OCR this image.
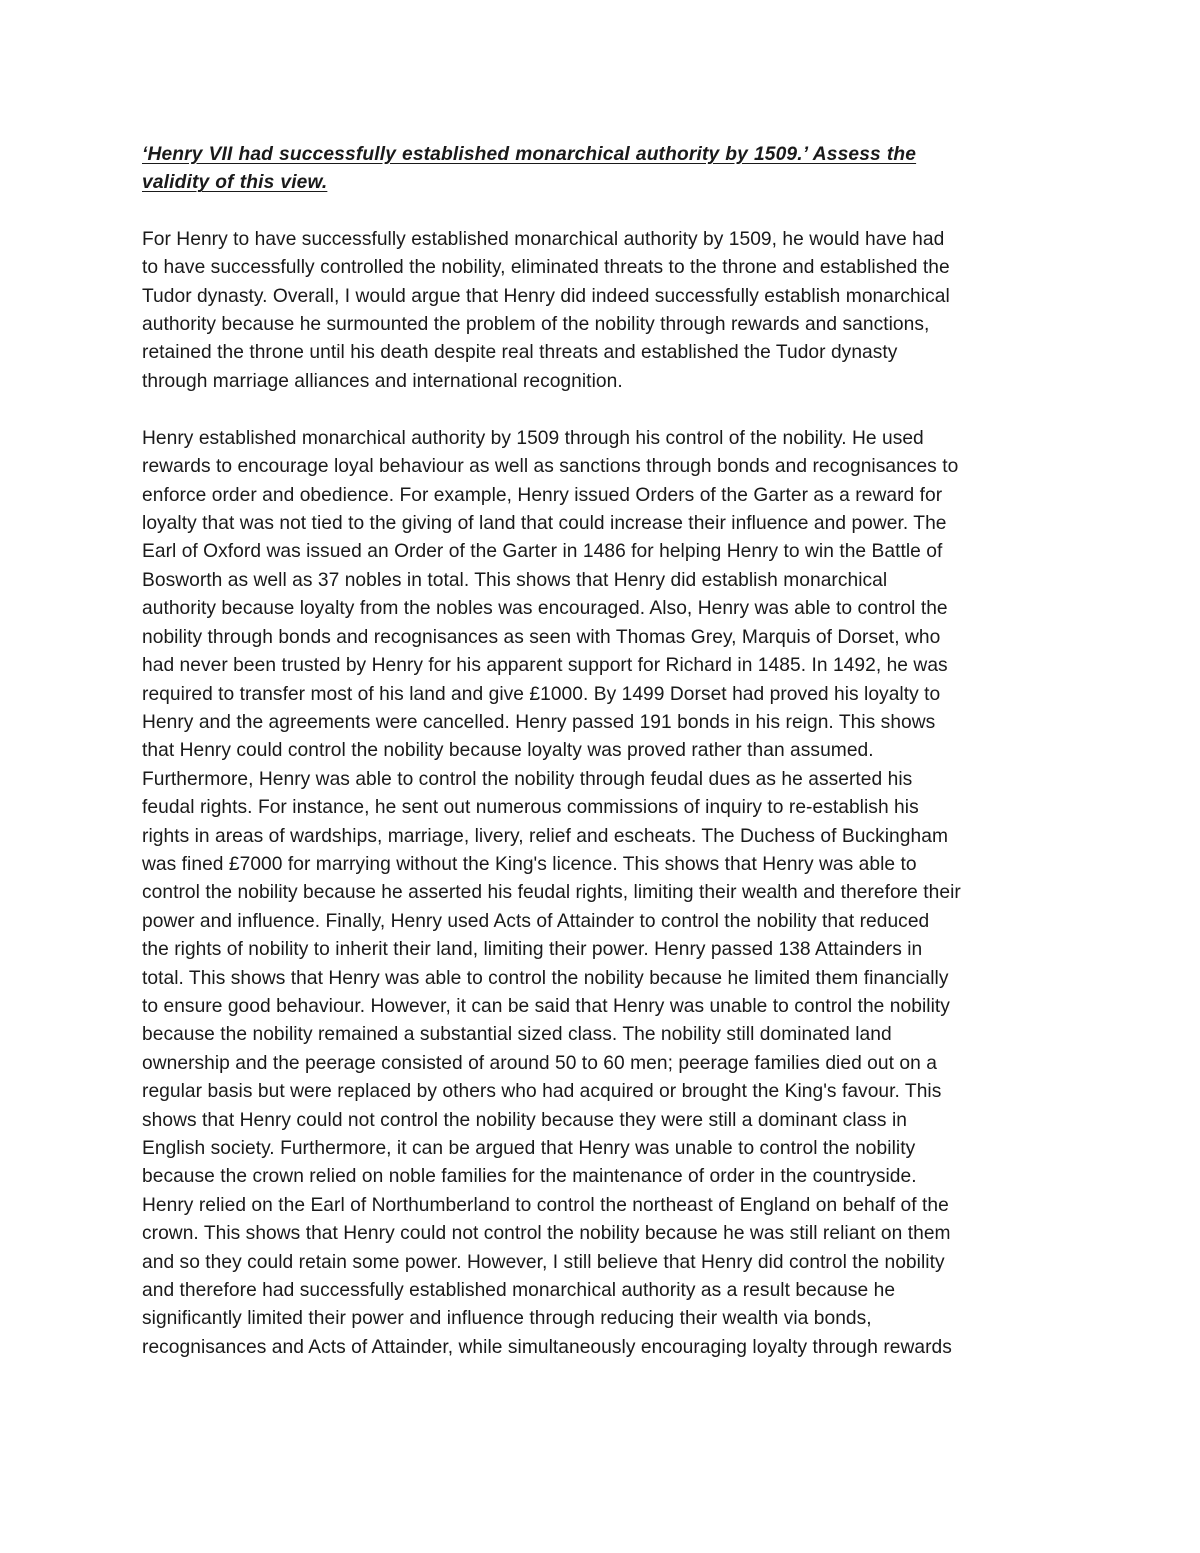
‘Henry VII had successfully established monarchical authority by 1509.’ Assess the
validity of this view.

For Henry to have successfully established monarchical authority by 1509, he would have had
to have successfully controlled the nobility, eliminated threats to the throne and established the
Tudor dynasty. Overall, I would argue that Henry did indeed successfully establish monarchical
authority because he surmounted the problem of the nobility through rewards and sanctions,
retained the throne until his death despite real threats and established the Tudor dynasty
through marriage alliances and international recognition.

Henry established monarchical authority by 1509 through his control of the nobility. He used
rewards to encourage loyal behaviour as well as sanctions through bonds and recognisances to
enforce order and obedience. For example, Henry issued Orders of the Garter as a reward for
loyalty that was not tied to the giving of land that could increase their influence and power. The
Earl of Oxford was issued an Order of the Garter in 1486 for helping Henry to win the Battle of
Bosworth as well as 37 nobles in total. This shows that Henry did establish monarchical
authority because loyalty from the nobles was encouraged. Also, Henry was able to control the
nobility through bonds and recognisances as seen with Thomas Grey, Marquis of Dorset, who
had never been trusted by Henry for his apparent support for Richard in 1485. In 1492, he was
required to transfer most of his land and give £1000. By 1499 Dorset had proved his loyalty to
Henry and the agreements were cancelled. Henry passed 191 bonds in his reign. This shows
that Henry could control the nobility because loyalty was proved rather than assumed.
Furthermore, Henry was able to control the nobility through feudal dues as he asserted his
feudal rights. For instance, he sent out numerous commissions of inquiry to re-establish his
rights in areas of wardships, marriage, livery, relief and escheats. The Duchess of Buckingham
was fined £7000 for marrying without the King's licence. This shows that Henry was able to
control the nobility because he asserted his feudal rights, limiting their wealth and therefore their
power and influence. Finally, Henry used Acts of Attainder to control the nobility that reduced
the rights of nobility to inherit their land, limiting their power. Henry passed 138 Attainders in
total. This shows that Henry was able to control the nobility because he limited them financially
to ensure good behaviour. However, it can be said that Henry was unable to control the nobility
because the nobility remained a substantial sized class. The nobility still dominated land
ownership and the peerage consisted of around 50 to 60 men; peerage families died out on a
regular basis but were replaced by others who had acquired or brought the King's favour. This
shows that Henry could not control the nobility because they were still a dominant class in
English society. Furthermore, it can be argued that Henry was unable to control the nobility
because the crown relied on noble families for the maintenance of order in the countryside.
Henry relied on the Earl of Northumberland to control the northeast of England on behalf of the
crown. This shows that Henry could not control the nobility because he was still reliant on them
and so they could retain some power. However, I still believe that Henry did control the nobility
and therefore had successfully established monarchical authority as a result because he
significantly limited their power and influence through reducing their wealth via bonds,
recognisances and Acts of Attainder, while simultaneously encouraging loyalty through rewards
